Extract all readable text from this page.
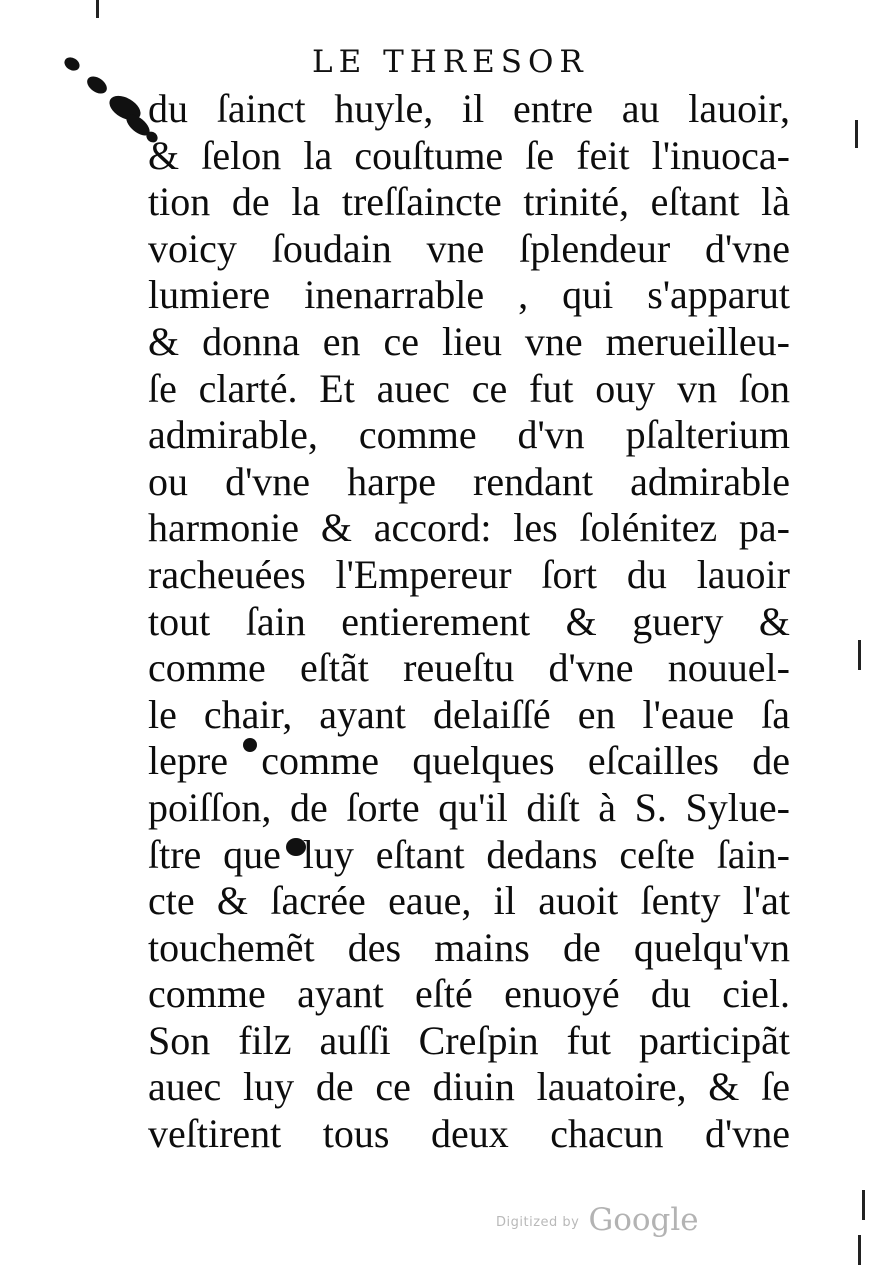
LE THRESOR
du ſainct huyle, il entre au lauoir,
& ſelon la couſtume ſe feit l'inuoca-
tion de la treſſaincte trinité, eſtant là
voicy ſoudain vne ſplendeur d'vne
lumiere inenarrable , qui s'apparut
& donna en ce lieu vne merueilleu-
ſe clarté. Et auec ce fut ouy vn ſon
admirable, comme d'vn pſalterium
ou d'vne harpe rendant admirable
harmonie & accord: les ſolénitez pa-
racheuées l'Empereur ſort du lauoir
tout ſain entierement & guery &
comme eſtãt reueſtu d'vne nouuel-
le chair, ayant delaiſſé en l'eaue ſa
lepre comme quelques eſcailles de
poiſſon, de ſorte qu'il diſt à S. Syluе-
ſtre que luy eſtant dedans ceſte ſain-
cte & ſacrée eaue, il auoit ſenty l'at
touchemẽt des mains de quelqu'vn
comme ayant eſté enuoyé du ciel.
Son filz auſſi Creſpin fut participãt
auec luy de ce diuin lauatoire, & ſe
veſtirent tous deux chacun d'vne
$^{Digitized by}$ Google
